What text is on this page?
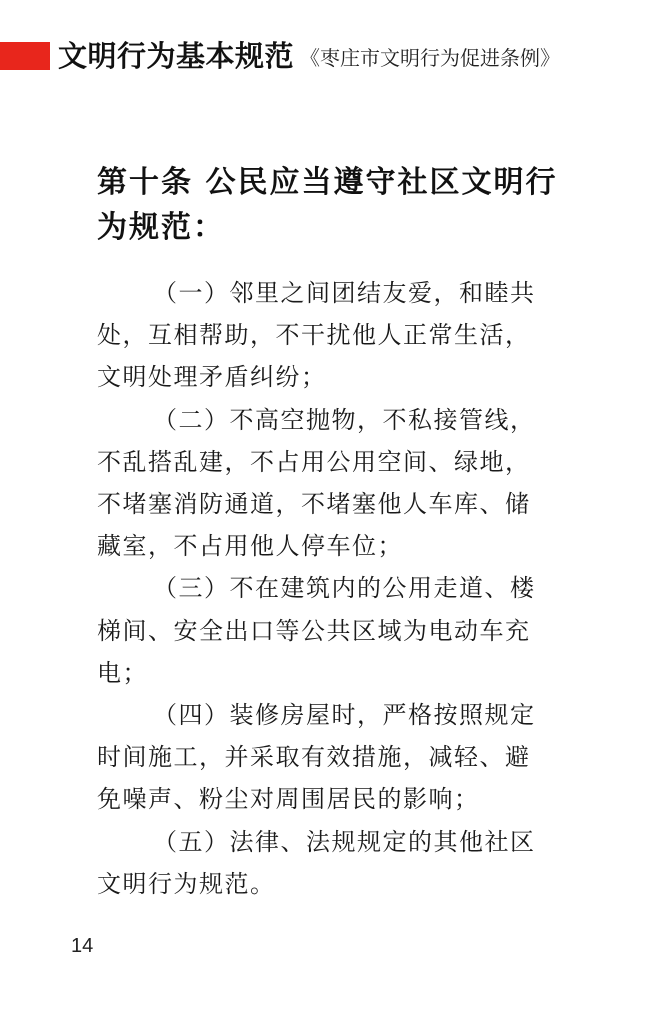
文明行为基本规范 《枣庄市文明行为促进条例》
第十条 公民应当遵守社区文明行为规范：

（一）邻里之间团结友爱，和睦共处，互相帮助，不干扰他人正常生活，文明处理矛盾纠纷；

（二）不高空抛物，不私接管线，不乱搭乱建，不占用公用空间、绿地，不堵塞消防通道，不堵塞他人车库、储藏室，不占用他人停车位；

（三）不在建筑内的公用走道、楼梯间、安全出口等公共区域为电动车充电；

（四）装修房屋时，严格按照规定时间施工，并采取有效措施，减轻、避免噪声、粉尘对周围居民的影响；

（五）法律、法规规定的其他社区文明行为规范。

14
